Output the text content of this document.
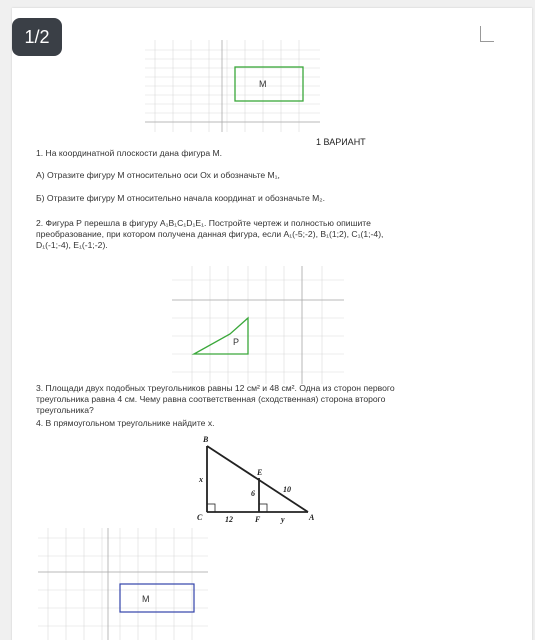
1/2
M
1 ВАРИАНТ
1. На координатной плоскости дана фигура М.
А) Отразите фигуру М относительно оси Ох и обозначьте М₁,
Б) Отразите фигуру М относительно начала координат и обозначьте М₂.
2. Фигура Р перешла в фигуру A₁B₁C₁D₁E₁. Постройте чертеж и полностью опишите
преобразование, при котором получена данная фигура, если A₁(-5;-2), B₁(1;2), C₁(1;-4),
D₁(-1;-4), E₁(-1;-2).
P
3. Площади двух подобных треугольников равны 12 см² и 48 см². Одна из сторон первого
треугольника равна 4 см. Чему равна соответственная (сходственная) сторона второго
треугольника?
4. В прямоугольном треугольнике найдите х.
B
C	A
E
F
x
y
6	10
12
M
